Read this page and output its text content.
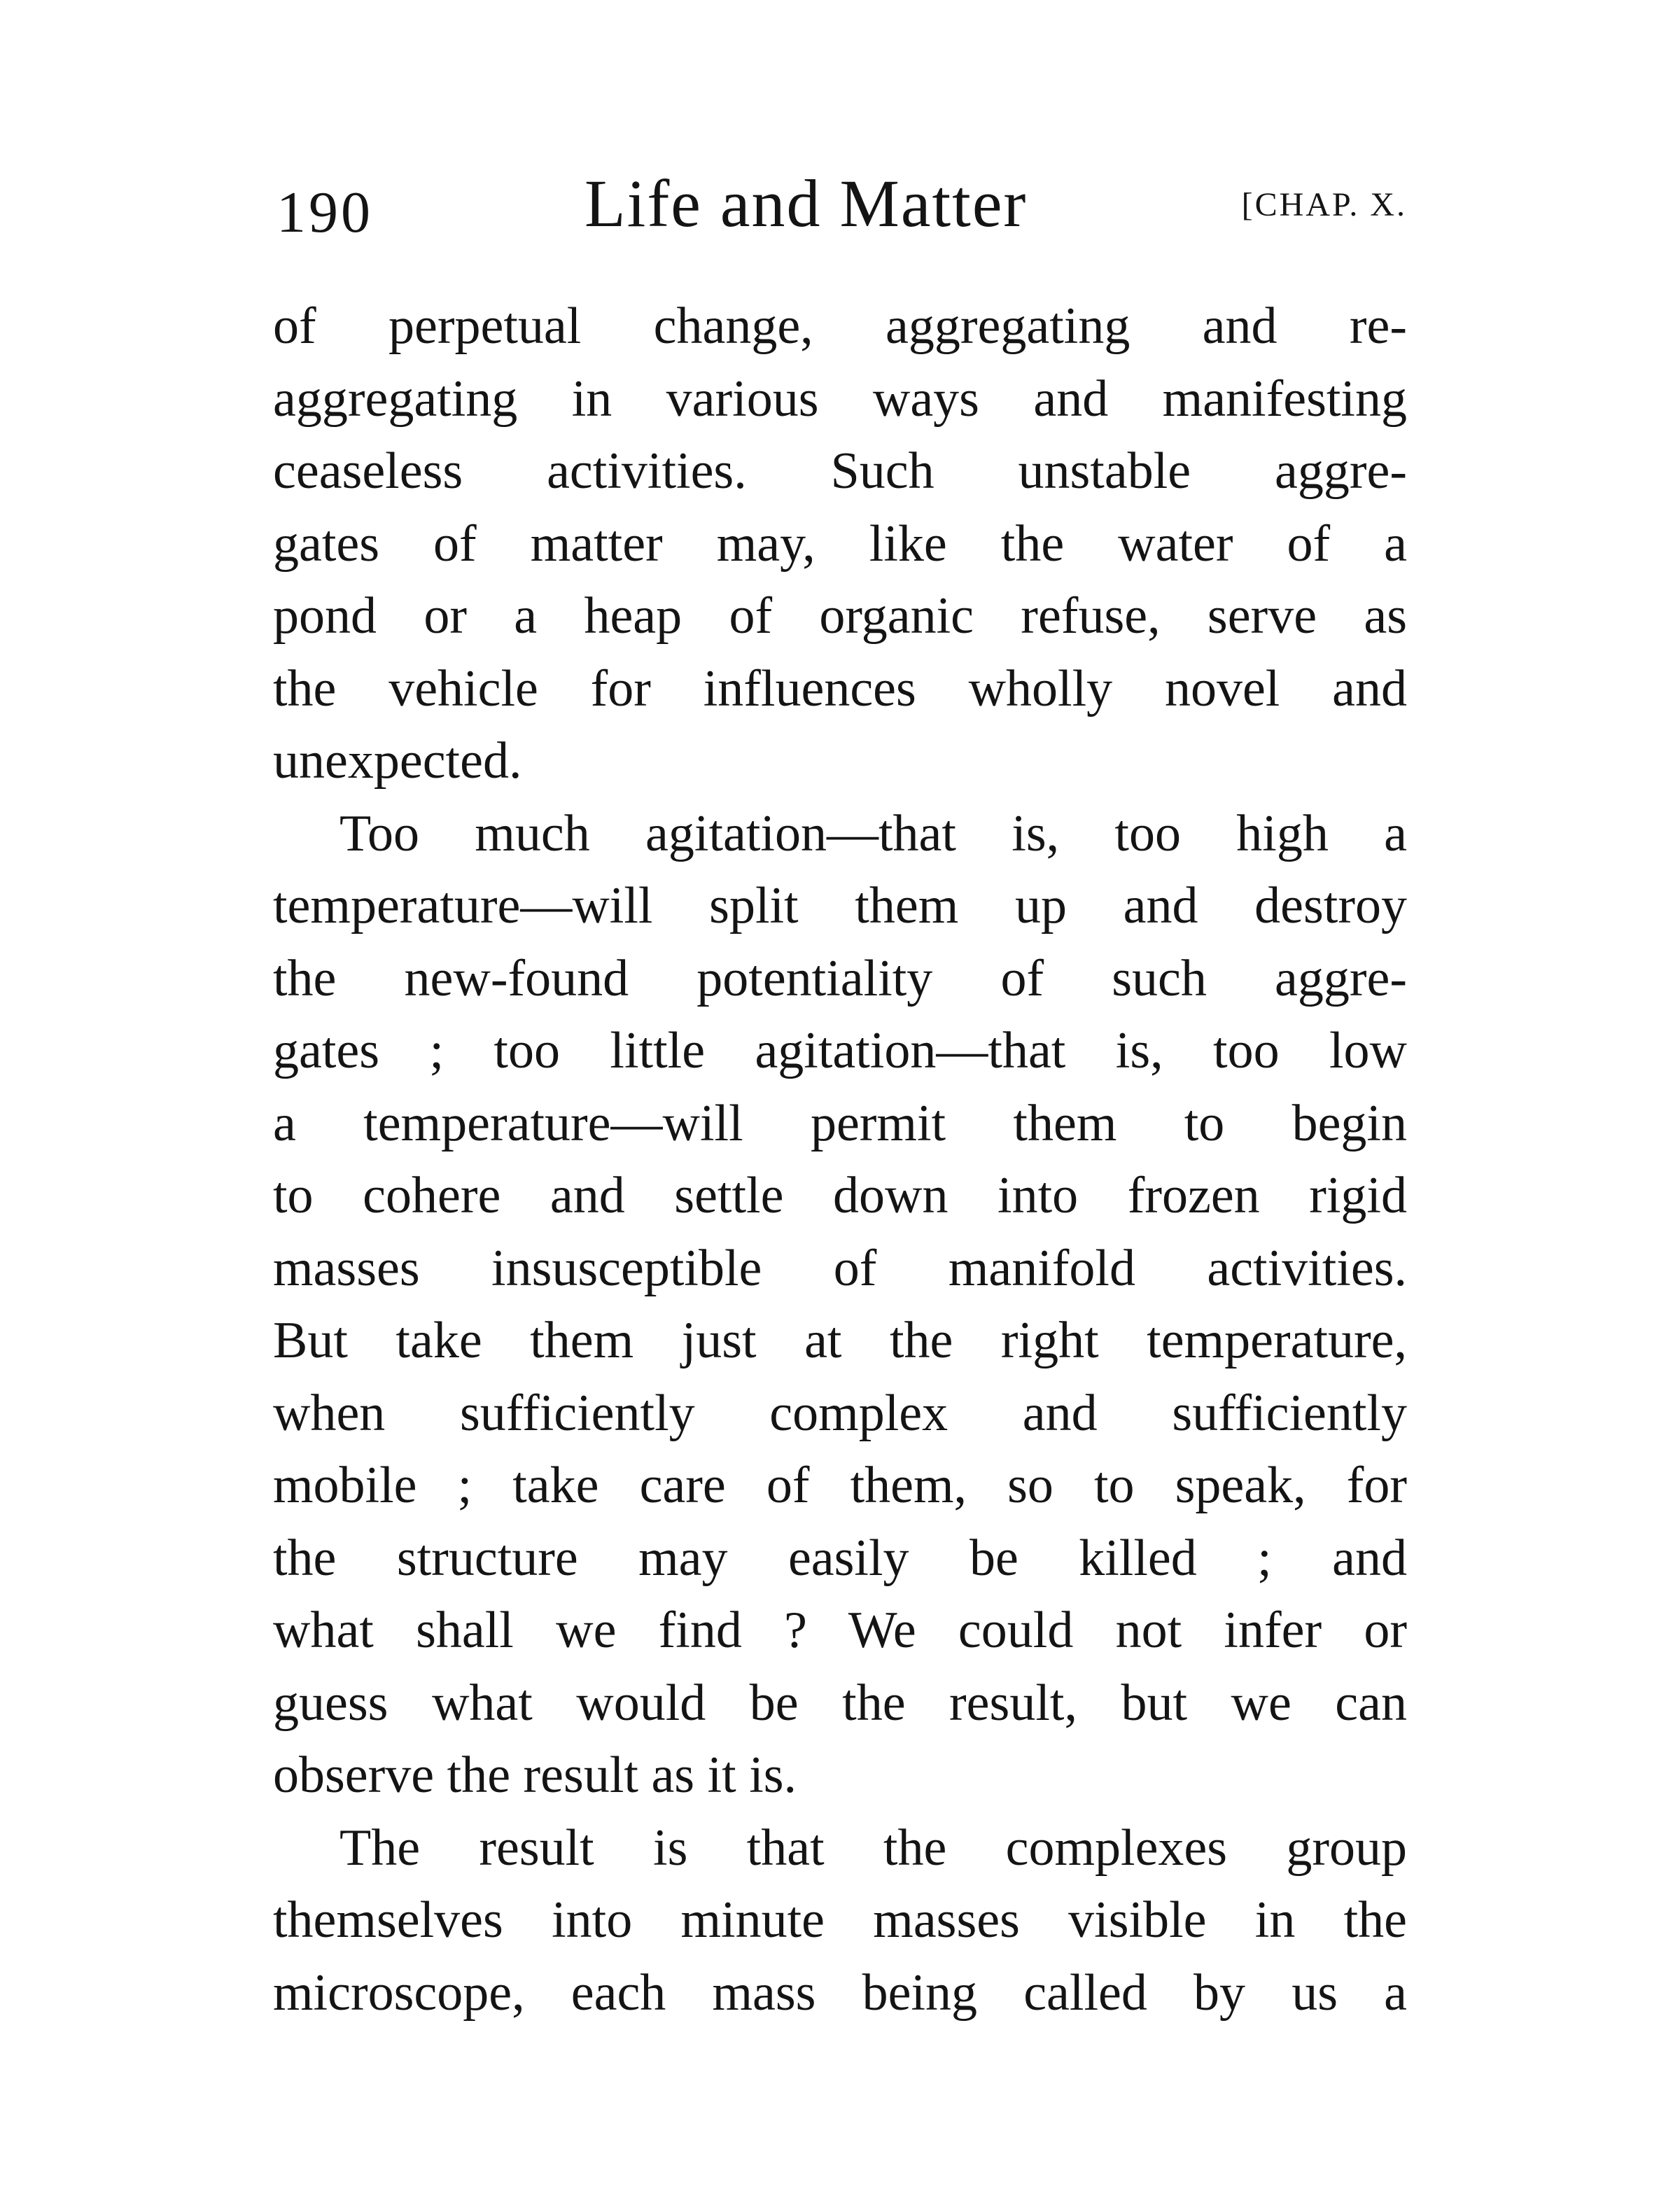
190	Life and Matter	[CHAP. X.
of perpetual change, aggregating and re-
aggregating in various ways and manifesting
ceaseless activities. Such unstable aggre-
gates of matter may, like the water of a
pond or a heap of organic refuse, serve as
the vehicle for influences wholly novel and
unexpected.
Too much agitation—that is, too high a
temperature—will split them up and destroy
the new-found potentiality of such aggre-
gates ; too little agitation—that is, too low
a temperature—will permit them to begin
to cohere and settle down into frozen rigid
masses insusceptible of manifold activities.
But take them just at the right temperature,
when sufficiently complex and sufficiently
mobile ; take care of them, so to speak, for
the structure may easily be killed ; and
what shall we find ? We could not infer or
guess what would be the result, but we can
observe the result as it is.
The result is that the complexes group
themselves into minute masses visible in the
microscope, each mass being called by us a
